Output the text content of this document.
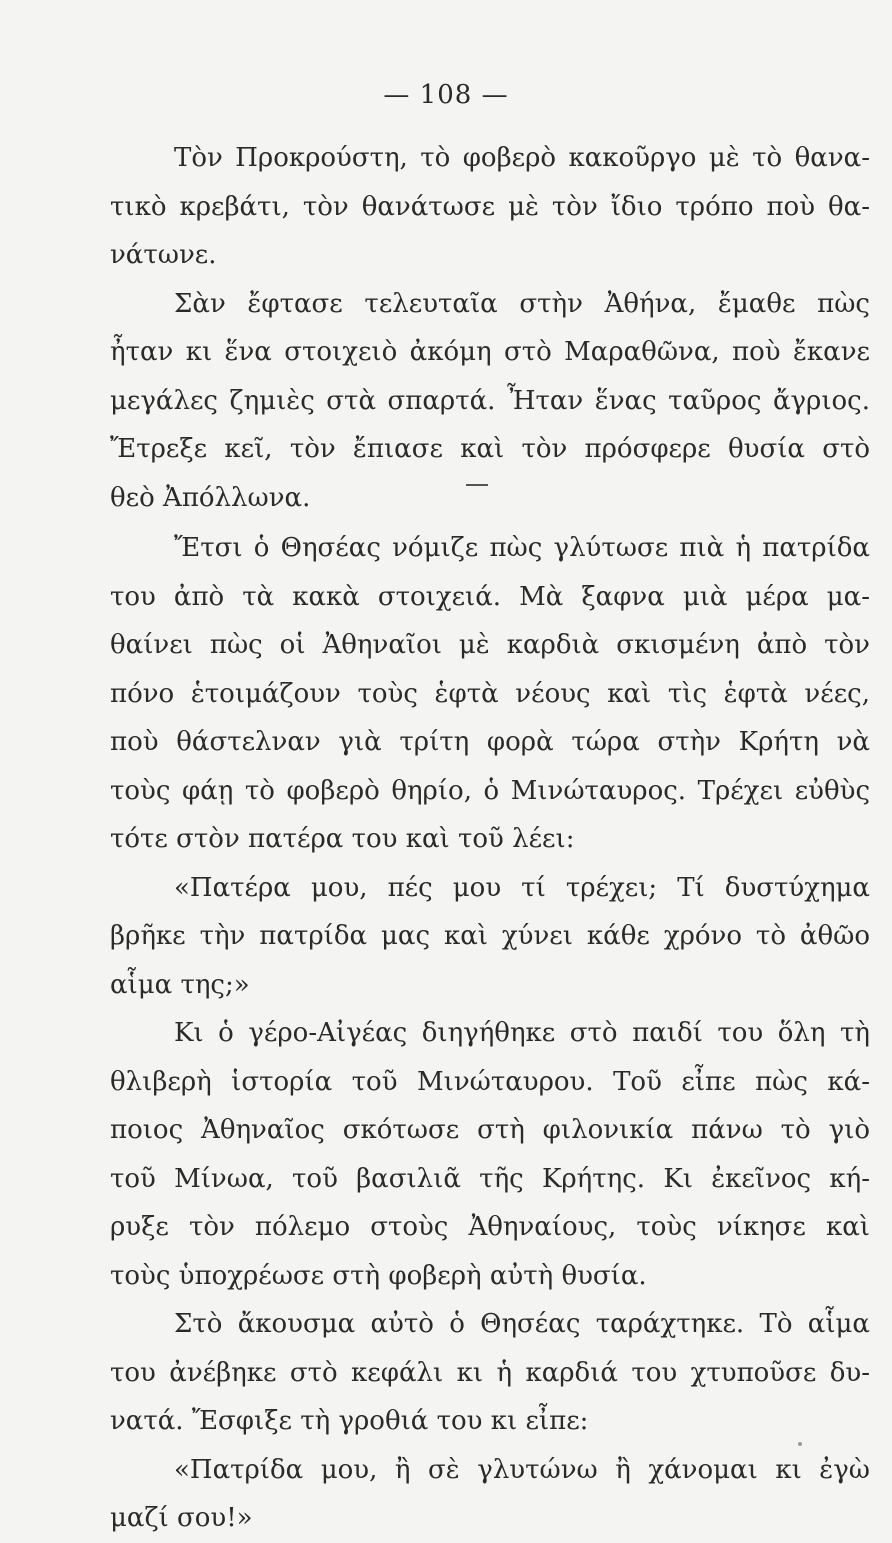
— 108 —
Τὸν Προκρούστη, τὸ φοβερὸ κακοῦργο μὲ τὸ θανα-
τικὸ κρεβάτι, τὸν θανάτωσε μὲ τὸν ἴδιο τρόπο ποὺ θα-
νάτωνε.
Σὰν ἔφτασε τελευταῖα στὴν Ἀθήνα, ἔμαθε πὼς
ἦταν κι ἕνα στοιχειὸ ἀκόμη στὸ Μαραθῶνα, ποὺ ἔκανε
μεγάλες ζημιὲς στὰ σπαρτά. Ἦταν ἕνας ταῦρος ἄγριος.
Ἔτρεξε κεῖ, τὸν ἔπιασε καὶ τὸν πρόσφερε θυσία στὸ
θεὸ Ἀπόλλωνα.
Ἔτσι ὁ Θησέας νόμιζε πὼς γλύτωσε πιὰ ἡ πατρίδα
του ἀπὸ τὰ κακὰ στοιχειά. Μὰ ξαφνα μιὰ μέρα μα-
θαίνει πὼς οἱ Ἀθηναῖοι μὲ καρδιὰ σκισμένη ἀπὸ τὸν
πόνο ἑτοιμάζουν τοὺς ἑφτὰ νέους καὶ τὶς ἑφτὰ νέες,
ποὺ θάστελναν γιὰ τρίτη φορὰ τώρα στὴν Κρήτη νὰ
τοὺς φάῃ τὸ φοβερὸ θηρίο, ὁ Μινώταυρος. Τρέχει εὐθὺς
τότε στὸν πατέρα του καὶ τοῦ λέει:
«Πατέρα μου, πές μου τί τρέχει; Τί δυστύχημα
βρῆκε τὴν πατρίδα μας καὶ χύνει κάθε χρόνο τὸ ἀθῶο
αἷμα της;»
Κι ὁ γέρο-Αἰγέας διηγήθηκε στὸ παιδί του ὅλη τὴ
θλιβερὴ ἱστορία τοῦ Μινώταυρου. Τοῦ εἶπε πὼς κά-
ποιος Ἀθηναῖος σκότωσε στὴ φιλονικία πάνω τὸ γιὸ
τοῦ Μίνωα, τοῦ βασιλιᾶ τῆς Κρήτης. Κι ἐκεῖνος κή-
ρυξε τὸν πόλεμο στοὺς Ἀθηναίους, τοὺς νίκησε καὶ
τοὺς ὑποχρέωσε στὴ φοβερὴ αὐτὴ θυσία.
Στὸ ἄκουσμα αὐτὸ ὁ Θησέας ταράχτηκε. Τὸ αἷμα
του ἀνέβηκε στὸ κεφάλι κι ἡ καρδιά του χτυποῦσε δυ-
νατά. Ἔσφιξε τὴ γροθιά του κι εἶπε:
«Πατρίδα μου, ἢ σὲ γλυτώνω ἢ χάνομαι κι ἐγὼ
μαζί σου!»
